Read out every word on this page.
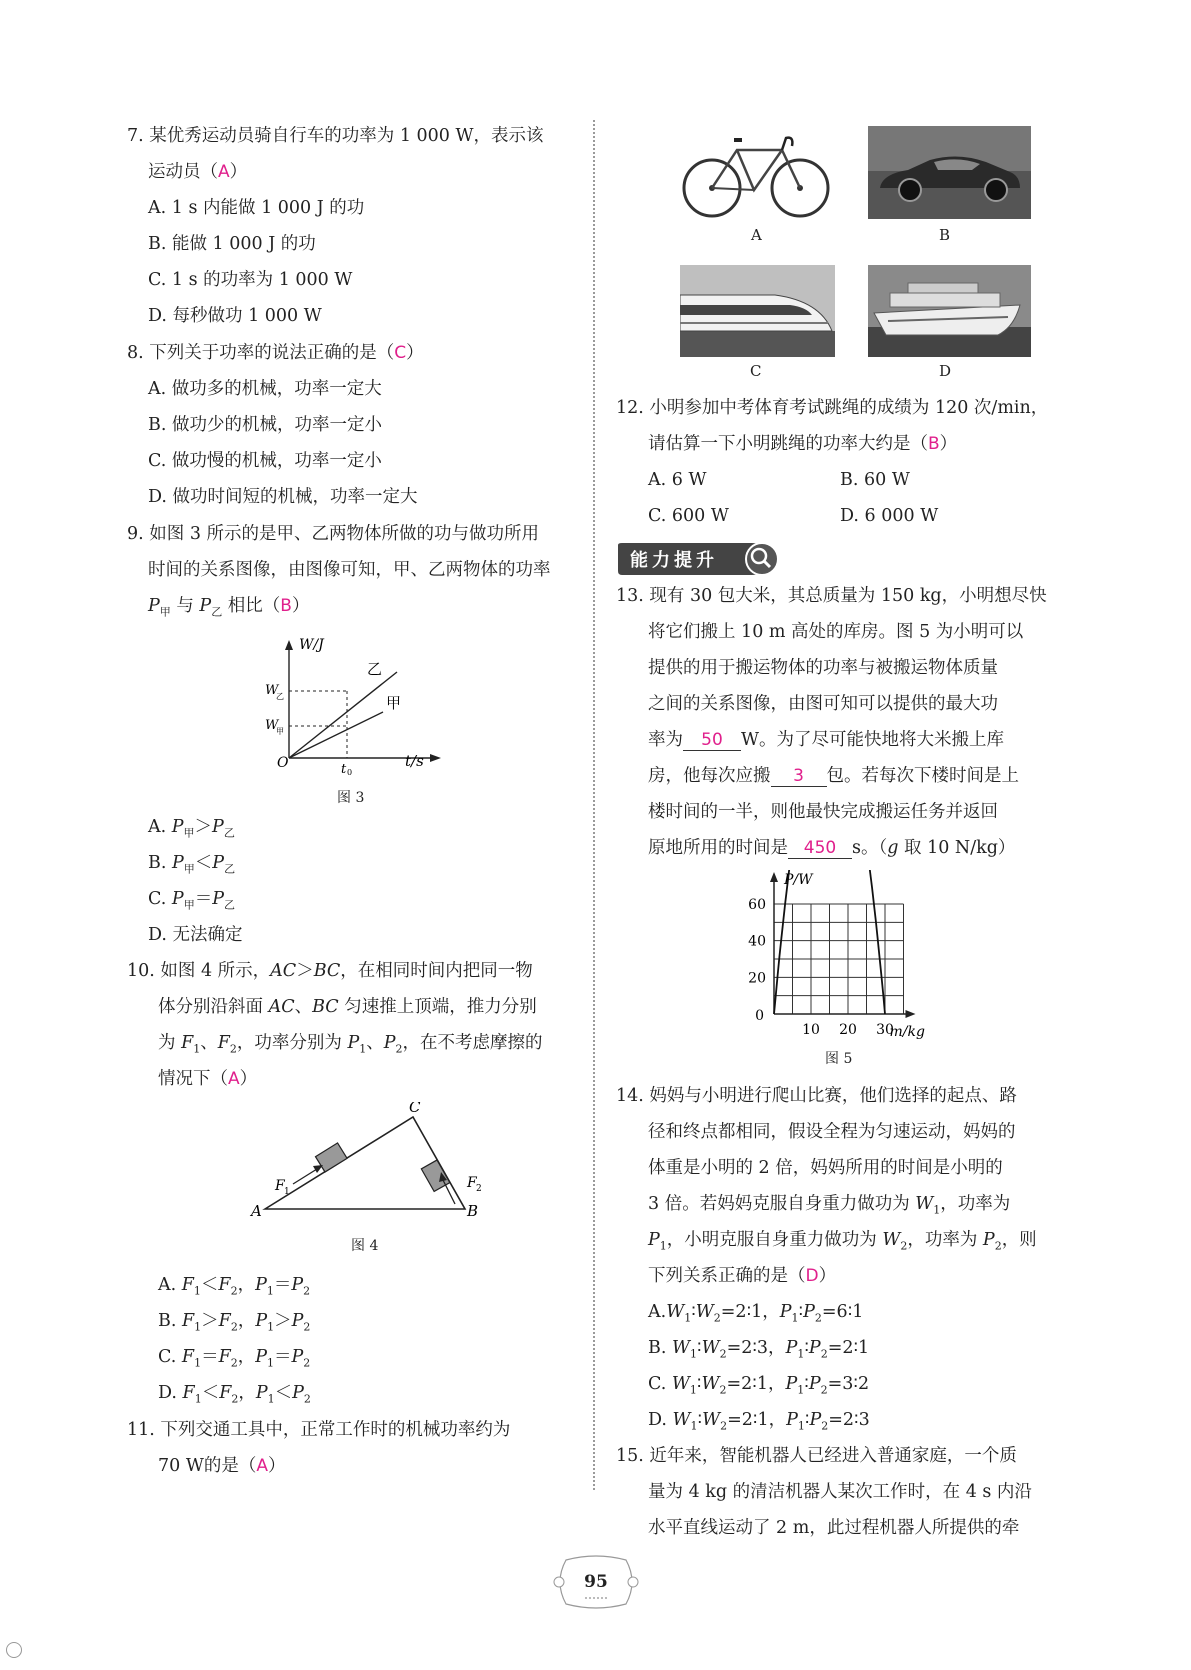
7. 某优秀运动员骑自行车的功率为 1 000 W，表示该
运动员（A）
A. 1 s 内能做 1 000 J 的功
B. 能做 1 000 J 的功
C. 1 s 的功率为 1 000 W
D. 每秒做功 1 000 W
8. 下列关于功率的说法正确的是（C）
A. 做功多的机械，功率一定大
B. 做功少的机械，功率一定小
C. 做功慢的机械，功率一定小
D. 做功时间短的机械，功率一定大
9. 如图 3 所示的是甲、乙两物体所做的功与做功所用
时间的关系图像，由图像可知，甲、乙两物体的功率
$P_甲$ 与 $P_乙$ 相比（B）
W/J
t/s
O
W
乙
W
甲
t 0
乙
甲
图 3
A. $P_甲>P_乙$
B. $P_甲<P_乙$
C. $P_甲=P_乙$
D. 无法确定
10. 如图 4 所示，AC＞BC，在相同时间内把同一物
体分别沿斜面 AC、BC 匀速推上顶端，推力分别
为 $F_1$、$F_2$，功率分别为 $P_1$、$P_2$，在不考虑摩擦的
情况下（A）
A	B
C
F 1
F 2
图 4
A. $F_1<F_2$，$P_1=P_2$
B. $F_1>F_2$，$P_1>P_2$
C. $F_1=F_2$，$P_1=P_2$
D. $F_1<F_2$，$P_1<P_2$
11. 下列交通工具中，正常工作时的机械功率约为
70 W的是（A）
A	B
C	D
12. 小明参加中考体育考试跳绳的成绩为 120 次/min，
请估算一下小明跳绳的功率大约是（B）
A. 6 W	B. 60 W
C. 600 W	D. 6 000 W
能力提升
13. 现有 30 包大米，其总质量为 150 kg，小明想尽快
将它们搬上 10 m 高处的库房。图 5 为小明可以
提供的用于搬运物体的功率与被搬运物体质量
之间的关系图像，由图可知可以提供的最大功
率为 50 W。为了尽可能快地将大米搬上库
房，他每次应搬 3 包。若每次下楼时间是上
楼时间的一半，则他最快完成搬运任务并返回
原地所用的时间是 450 s。（g 取 10 N/kg）
14. 妈妈与小明进行爬山比赛，他们选择的起点、路
径和终点都相同，假设全程为匀速运动，妈妈的
体重是小明的 2 倍，妈妈所用的时间是小明的
3 倍。若妈妈克服自身重力做功为 $W_1$，功率为
$P_1$，小明克服自身重力做功为 $W_2$，功率为 $P_2$，则
下列关系正确的是（D）
$A.W_1∶W_2=2∶1$，$P_1∶P_2=6∶1$
B. $W_1∶W_2=2∶3$，$P_1∶P_2=2∶1$
C. $W_1∶W_2=2∶1$，$P_1∶P_2=3∶2$
D. $W_1∶W_2=2∶1$，$P_1∶P_2=2∶3$
15. 近年来，智能机器人已经进入普通家庭，一个质
量为 4 kg 的清洁机器人某次工作时，在 4 s 内沿
水平直线运动了 2 m，此过程机器人所提供的牵
10 20 30
20
40
60
0
P/W
m/kg
图 5
95
